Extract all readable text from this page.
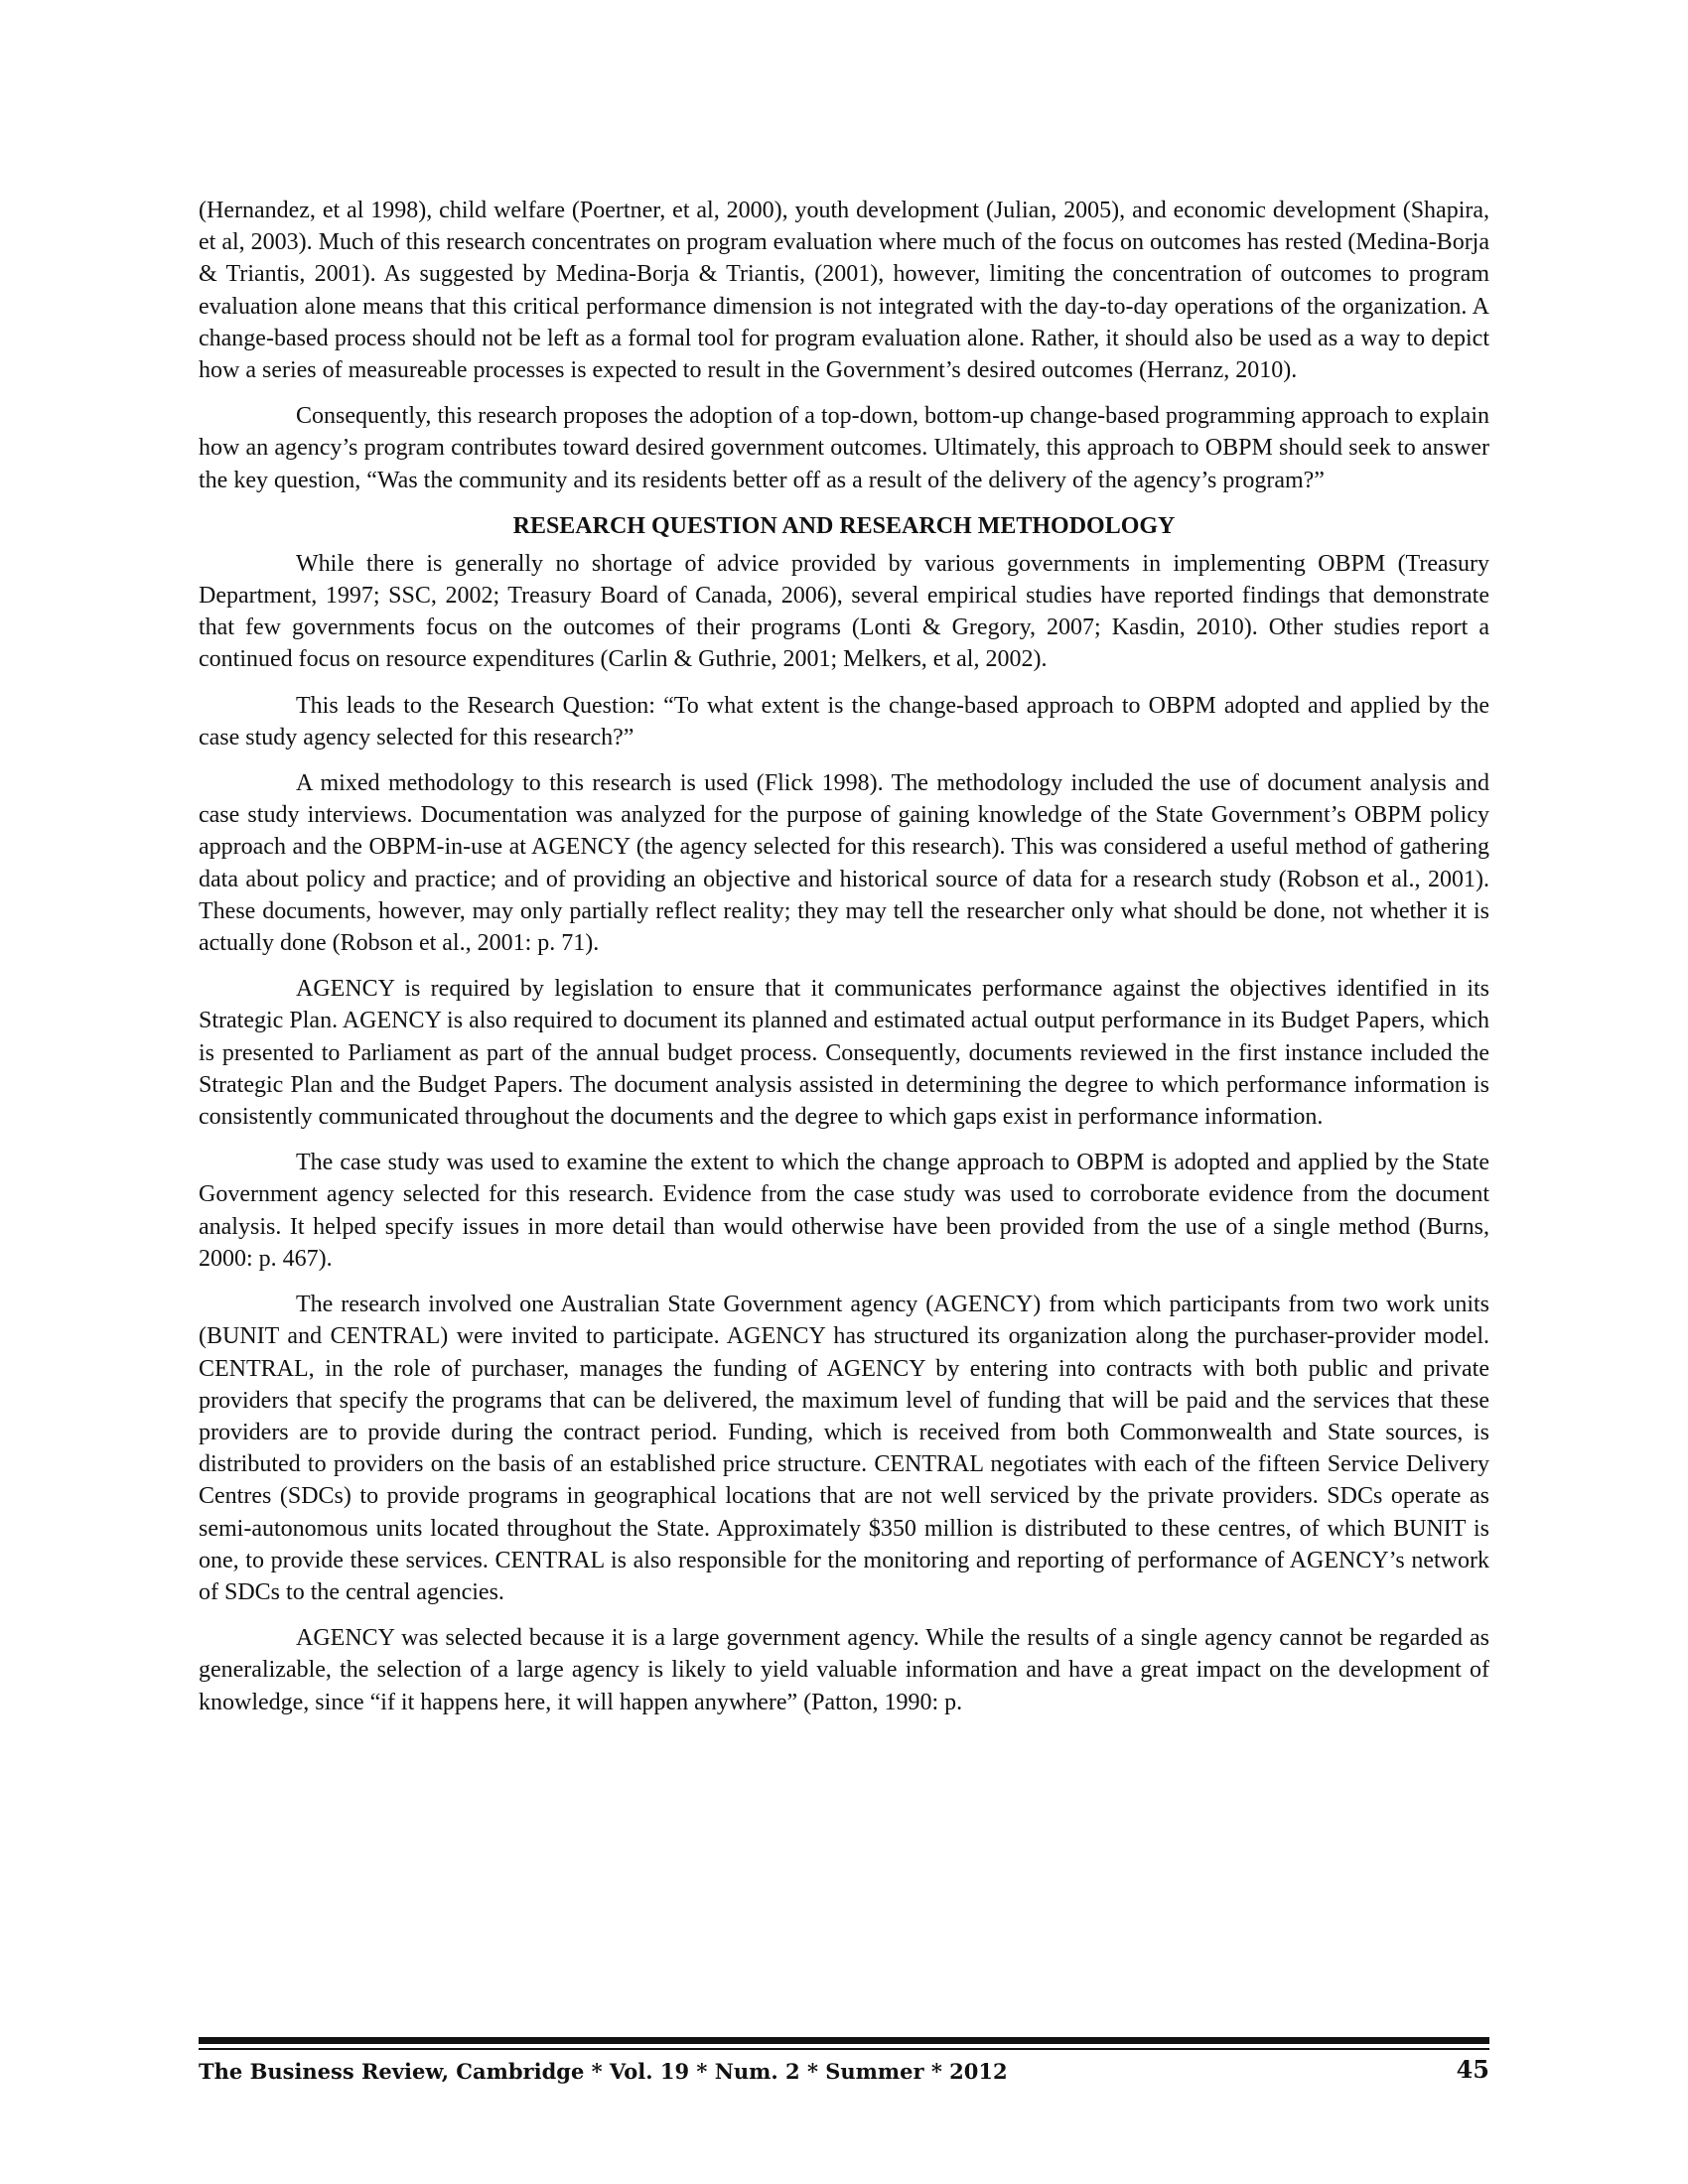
(Hernandez, et al 1998), child welfare (Poertner, et al, 2000), youth development (Julian, 2005), and economic development (Shapira, et al, 2003). Much of this research concentrates on program evaluation where much of the focus on outcomes has rested (Medina-Borja & Triantis, 2001). As suggested by Medina-Borja & Triantis, (2001), however, limiting the concentration of outcomes to program evaluation alone means that this critical performance dimension is not integrated with the day-to-day operations of the organization. A change-based process should not be left as a formal tool for program evaluation alone. Rather, it should also be used as a way to depict how a series of measureable processes is expected to result in the Government’s desired outcomes (Herranz, 2010).

Consequently, this research proposes the adoption of a top-down, bottom-up change-based programming approach to explain how an agency’s program contributes toward desired government outcomes. Ultimately, this approach to OBPM should seek to answer the key question, “Was the community and its residents better off as a result of the delivery of the agency’s program?”

RESEARCH QUESTION AND RESEARCH METHODOLOGY

While there is generally no shortage of advice provided by various governments in implementing OBPM (Treasury Department, 1997; SSC, 2002; Treasury Board of Canada, 2006), several empirical studies have reported findings that demonstrate that few governments focus on the outcomes of their programs (Lonti & Gregory, 2007; Kasdin, 2010). Other studies report a continued focus on resource expenditures (Carlin & Guthrie, 2001; Melkers, et al, 2002).

This leads to the Research Question: “To what extent is the change-based approach to OBPM adopted and applied by the case study agency selected for this research?”

A mixed methodology to this research is used (Flick 1998). The methodology included the use of document analysis and case study interviews. Documentation was analyzed for the purpose of gaining knowledge of the State Government’s OBPM policy approach and the OBPM-in-use at AGENCY (the agency selected for this research). This was considered a useful method of gathering data about policy and practice; and of providing an objective and historical source of data for a research study (Robson et al., 2001). These documents, however, may only partially reflect reality; they may tell the researcher only what should be done, not whether it is actually done (Robson et al., 2001: p. 71).

AGENCY is required by legislation to ensure that it communicates performance against the objectives identified in its Strategic Plan. AGENCY is also required to document its planned and estimated actual output performance in its Budget Papers, which is presented to Parliament as part of the annual budget process. Consequently, documents reviewed in the first instance included the Strategic Plan and the Budget Papers. The document analysis assisted in determining the degree to which performance information is consistently communicated throughout the documents and the degree to which gaps exist in performance information.

The case study was used to examine the extent to which the change approach to OBPM is adopted and applied by the State Government agency selected for this research. Evidence from the case study was used to corroborate evidence from the document analysis. It helped specify issues in more detail than would otherwise have been provided from the use of a single method (Burns, 2000: p. 467).

The research involved one Australian State Government agency (AGENCY) from which participants from two work units (BUNIT and CENTRAL) were invited to participate. AGENCY has structured its organization along the purchaser-provider model. CENTRAL, in the role of purchaser, manages the funding of AGENCY by entering into contracts with both public and private providers that specify the programs that can be delivered, the maximum level of funding that will be paid and the services that these providers are to provide during the contract period. Funding, which is received from both Commonwealth and State sources, is distributed to providers on the basis of an established price structure. CENTRAL negotiates with each of the fifteen Service Delivery Centres (SDCs) to provide programs in geographical locations that are not well serviced by the private providers. SDCs operate as semi-autonomous units located throughout the State. Approximately $350 million is distributed to these centres, of which BUNIT is one, to provide these services. CENTRAL is also responsible for the monitoring and reporting of performance of AGENCY’s network of SDCs to the central agencies.

AGENCY was selected because it is a large government agency. While the results of a single agency cannot be regarded as generalizable, the selection of a large agency is likely to yield valuable information and have a great impact on the development of knowledge, since “if it happens here, it will happen anywhere” (Patton, 1990: p.

The Business Review, Cambridge * Vol. 19 * Num. 2 * Summer * 2012	45
